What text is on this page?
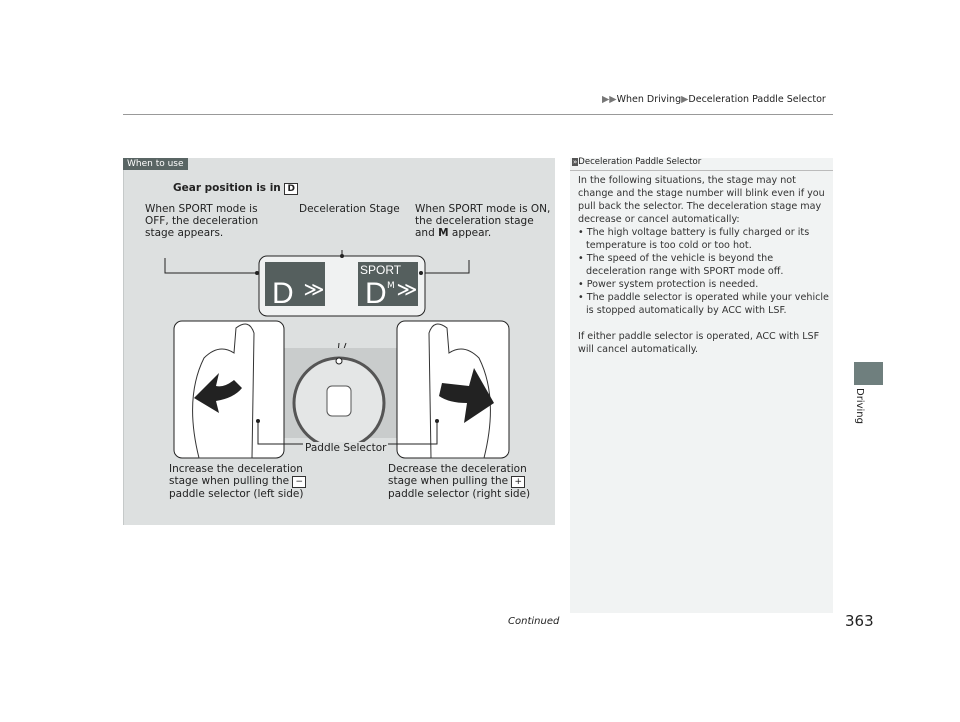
▶▶When Driving▶Deceleration Paddle Selector
D ≫
SPORT
D M ≫
When to use
Gear position is in D
When SPORT mode is OFF, the deceleration stage appears.
Deceleration Stage When SPORT mode is ON, the deceleration stage and M appear.
Paddle Selector
Increase the deceleration stage when pulling the − paddle selector (left side)
Decrease the deceleration stage when pulling the + paddle selector (right side)
»Deceleration Paddle Selector

In the following situations, the stage may not change and the stage number will blink even if you pull back the selector. The deceleration stage may decrease or cancel automatically:

• The high voltage battery is fully charged or its temperature is too cold or too hot.
• The speed of the vehicle is beyond the deceleration range with SPORT mode off.
• Power system protection is needed.
• The paddle selector is operated while your vehicle is stopped automatically by ACC with LSF.

If either paddle selector is operated, ACC with LSF will cancel automatically.

Driving
Continued	363
